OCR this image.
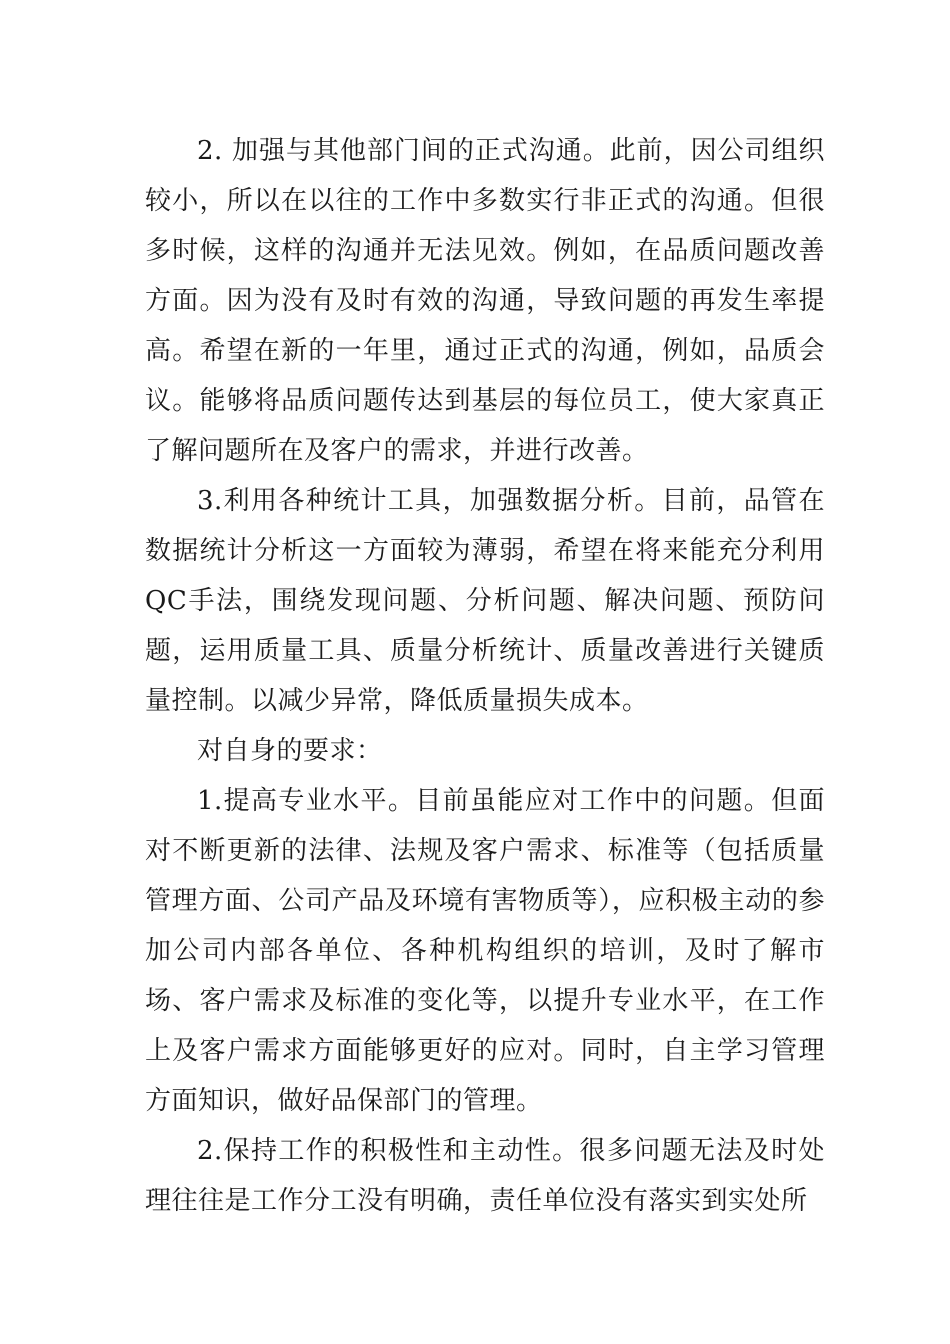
2. 加强与其他部门间的正式沟通。此前，因公司组织较小，所以在以往的工作中多数实行非正式的沟通。但很多时候，这样的沟通并无法见效。例如，在品质问题改善方面。因为没有及时有效的沟通，导致问题的再发生率提高。希望在新的一年里，通过正式的沟通，例如，品质会议。能够将品质问题传达到基层的每位员工，使大家真正了解问题所在及客户的需求，并进行改善。

3.利用各种统计工具，加强数据分析。目前，品管在数据统计分析这一方面较为薄弱，希望在将来能充分利用QC手法，围绕发现问题、分析问题、解决问题、预防问题，运用质量工具、质量分析统计、质量改善进行关键质量控制。以减少异常，降低质量损失成本。

对自身的要求：

1.提高专业水平。目前虽能应对工作中的问题。但面对不断更新的法律、法规及客户需求、标准等（包括质量管理方面、公司产品及环境有害物质等），应积极主动的参加公司内部各单位、各种机构组织的培训，及时了解市场、客户需求及标准的变化等，以提升专业水平，在工作上及客户需求方面能够更好的应对。同时，自主学习管理方面知识，做好品保部门的管理。

2.保持工作的积极性和主动性。很多问题无法及时处理往往是工作分工没有明确，责任单位没有落实到实处所
